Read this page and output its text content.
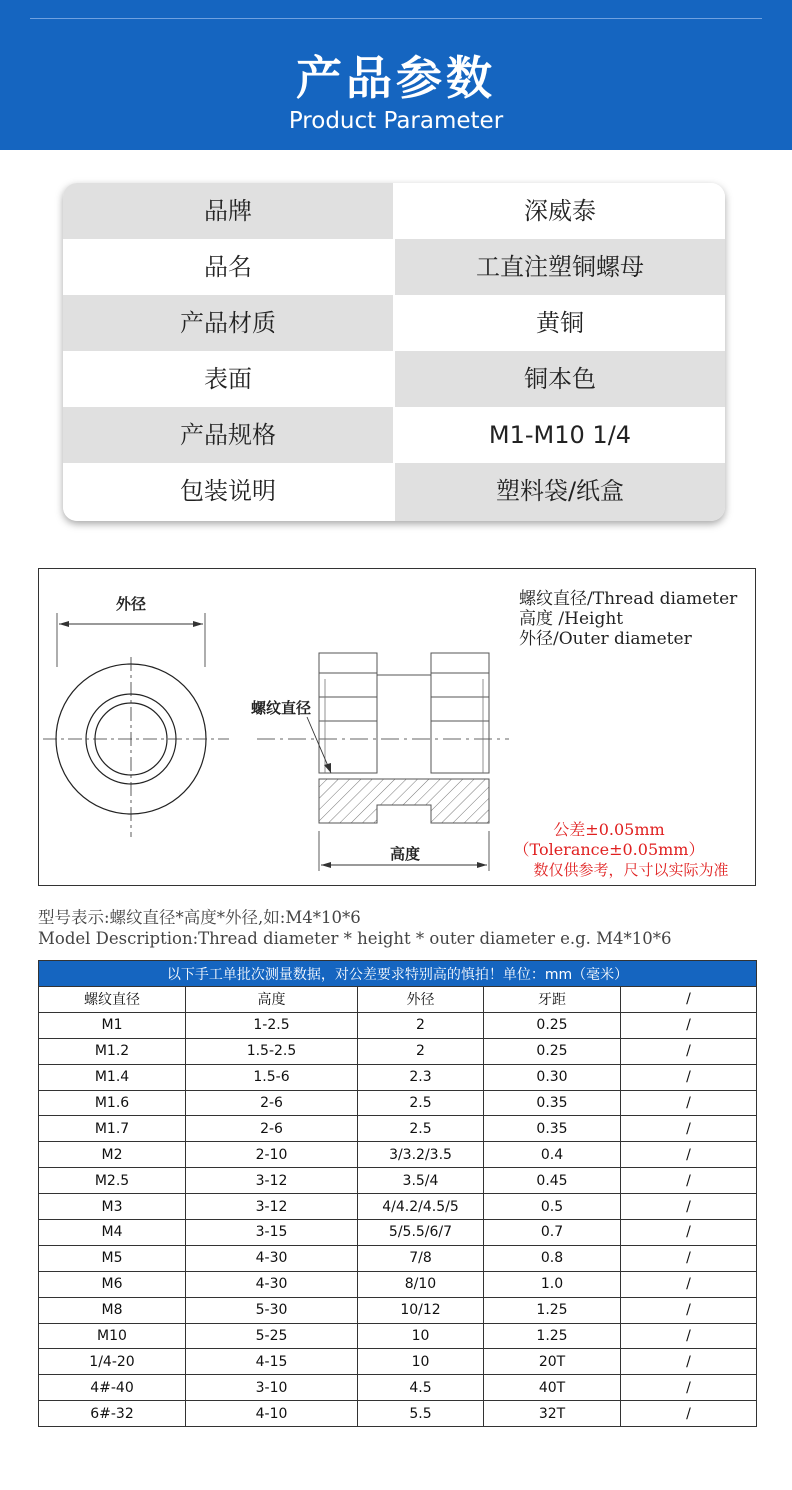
产品参数
Product Parameter
品牌	深威泰
品名	工直注塑铜螺母
产品材质	黄铜
表面	铜本色
产品规格	M1-M10 1/4
包装说明	塑料袋/纸盒
外径
螺纹直径
高度
螺纹直径/Thread diameter
高度 /Height
外径/Outer diameter
公差±0.05mm
（Tolerance±0.05mm）
数仅供参考，尺寸以实际为准
型号表示:螺纹直径*高度*外径,如:M4*10*6
Model Description:Thread diameter * height * outer diameter e.g. M4*10*6
以下手工单批次测量数据，对公差要求特别高的慎拍！单位：mm（毫米）				
螺纹直径	高度	外径	牙距	/
M1	1-2.5	2	0.25	/
M1.2	1.5-2.5	2	0.25	/
M1.4	1.5-6	2.3	0.30	/
M1.6	2-6	2.5	0.35	/
M1.7	2-6	2.5	0.35	/
M2	2-10	3/3.2/3.5	0.4	/
M2.5	3-12	3.5/4	0.45	/
M3	3-12	4/4.2/4.5/5	0.5	/
M4	3-15	5/5.5/6/7	0.7	/
M5	4-30	7/8	0.8	/
M6	4-30	8/10	1.0	/
M8	5-30	10/12	1.25	/
M10	5-25	10	1.25	/
1/4-20	4-15	10	20T	/
4#-40	3-10	4.5	40T	/
6#-32	4-10	5.5	32T	/
